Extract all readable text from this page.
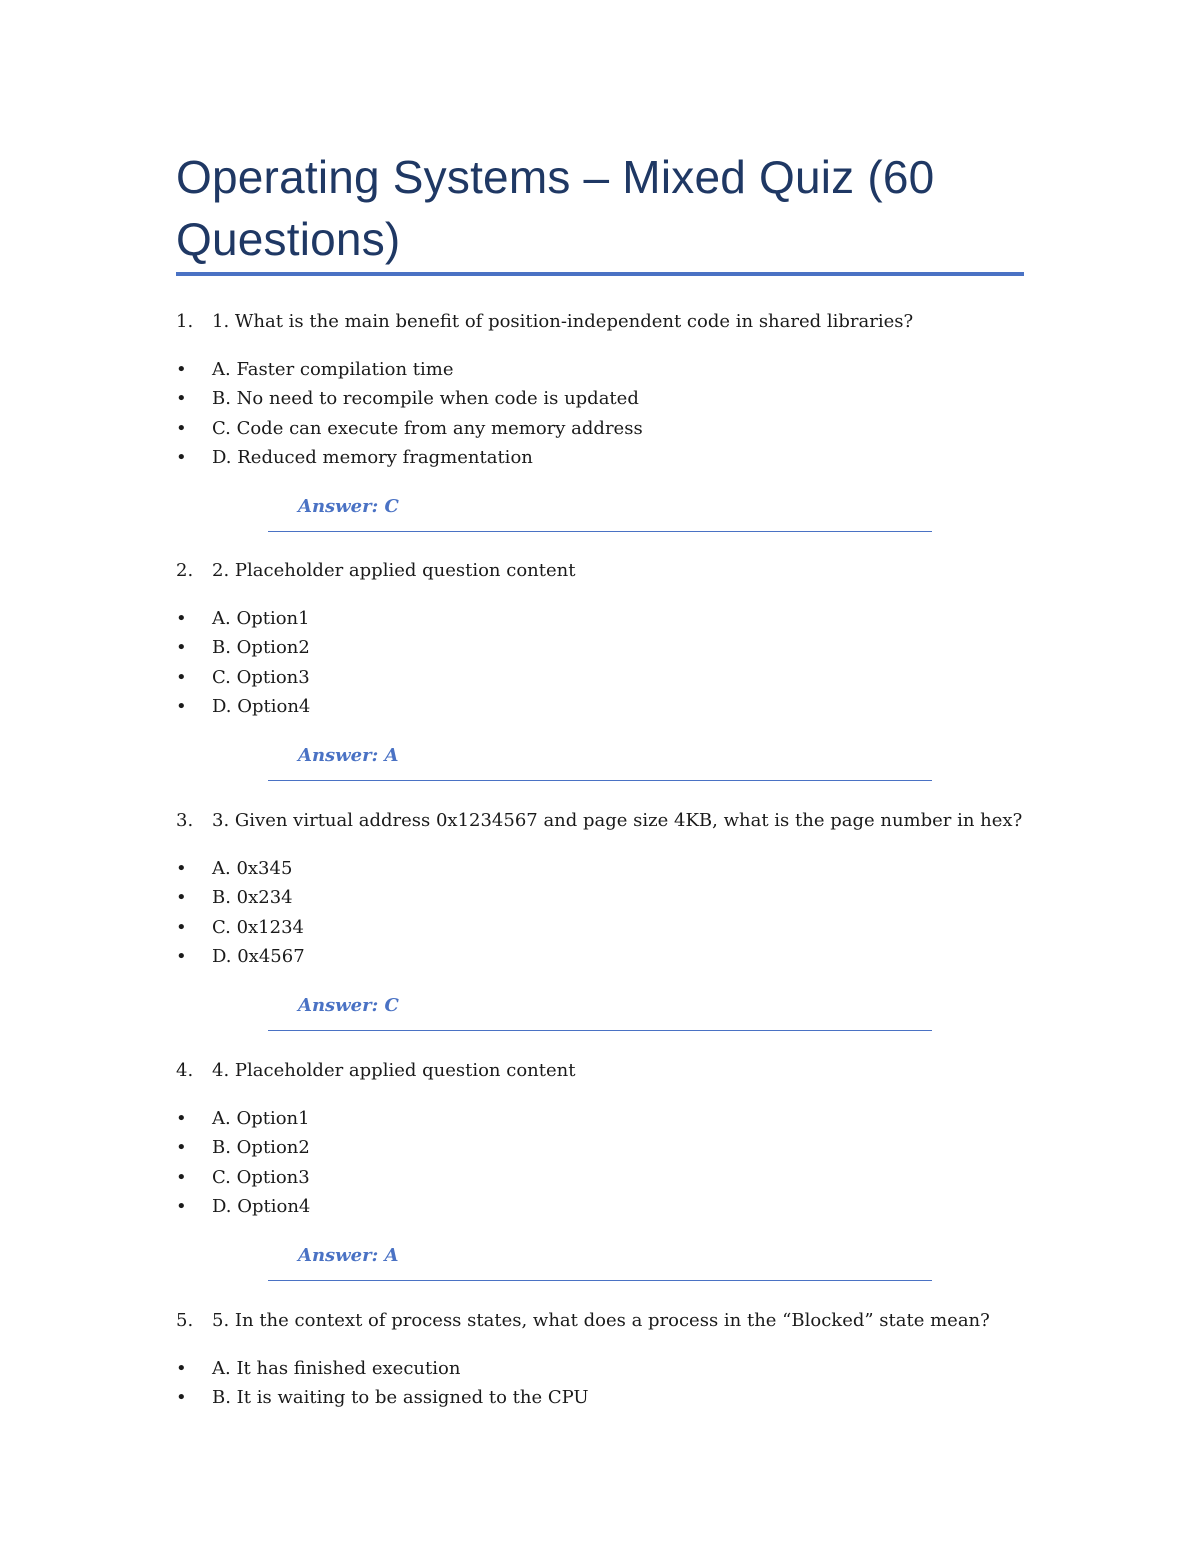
Operating Systems – Mixed Quiz (60 Questions)
1. 1. What is the main benefit of position-independent code in shared libraries?
• A. Faster compilation time
• B. No need to recompile when code is updated
• C. Code can execute from any memory address
• D. Reduced memory fragmentation
Answer: C
2. 2. Placeholder applied question content
• A. Option1
• B. Option2
• C. Option3
• D. Option4
Answer: A
3. 3. Given virtual address 0x1234567 and page size 4KB, what is the page number in hex?
• A. 0x345
• B. 0x234
• C. 0x1234
• D. 0x4567
Answer: C
4. 4. Placeholder applied question content
• A. Option1
• B. Option2
• C. Option3
• D. Option4
Answer: A
5. 5. In the context of process states, what does a process in the “Blocked” state mean?
• A. It has finished execution
• B. It is waiting to be assigned to the CPU
